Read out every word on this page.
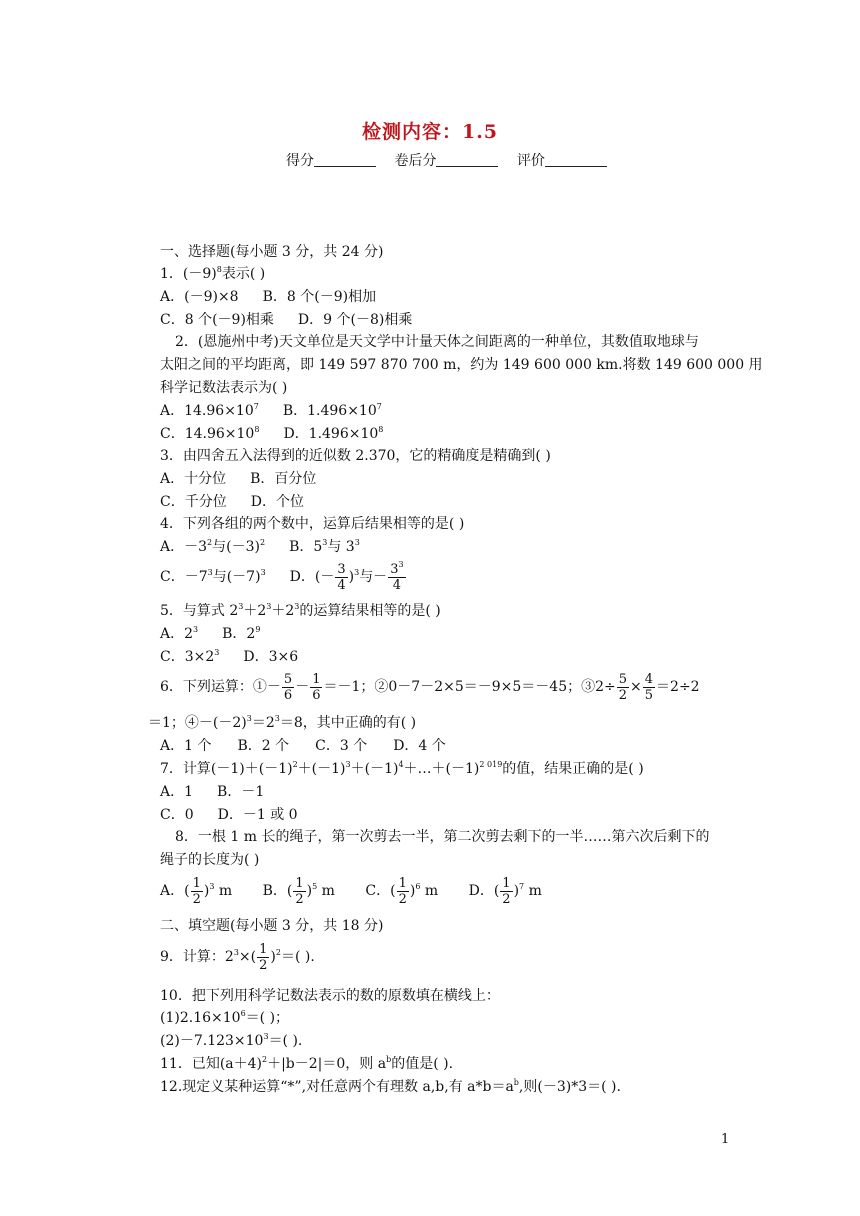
检测内容：1.5
得分	卷后分	评价
一、选择题(每小题 3 分，共 24 分)
1．$(-9)^8$表示( )
A．(－9)×8 B．8 个(－9)相加
C．8 个(－9)相乘 D．9 个(－8)相乘
2．(恩施州中考)天文单位是天文学中计量天体之间距离的一种单位，其数值取地球与
太阳之间的平均距离，即 149 597 870 700 m，约为 149 600 000 km.将数 149 600 000 用
科学记数法表示为( )
A．$14.96\times 10^7$ B．$1.496\times 10^7$
C．$14.96\times 10^8$ D．$1.496\times 10^8$
3．由四舍五入法得到的近似数 2.370，它的精确度是精确到( )
A．十分位 B．百分位
C．千分位 D．个位
4．下列各组的两个数中，运算后结果相等的是( )
A．$-3^2$与$(-3)^2$ B．$5^3$与 $3^3$
C．$-7^3$与$(-7)^3$ D．(－ $\frac{3}{4} )^3$与－ $\frac{3^3}{4}$
5．与算式 $2^3+2^3+2^3$的运算结果相等的是( )
A．$2^3$ B．$2^9$
C．$3\times 2^3$ D．3×6
6．下列运算：①－ $\frac{5}{6} - \frac{1}{6} =-1$；②0－7－2×5＝－9×5＝－45；③2÷ $\frac{5}{2} \times \frac{4}{5} =2\div 2$
＝1；$④-(-2)^3=2^3=8$，其中正确的有( )
A．1 个 B．2 个 C．3 个 D．4 个
7．计算$(-1)+(-1)^2+(-1)^3+(-1)^4+\dots+(-1)^{2 019}$的值，结果正确的是( )
A．1 B．－1
C．0 D．－1 或 0
8．一根 1 m 长的绳子，第一次剪去一半，第二次剪去剩下的一半……第六次后剩下的
绳子的长度为( )
A．( $\frac{1}{2} )^3$ m B．( $\frac{1}{2} )^5$ m C．( $\frac{1}{2} )^6$ m D．( $\frac{1}{2} )^7$ m
二、填空题(每小题 3 分，共 18 分)
9．计算：$2^3\times( \frac{1}{2} )^2=$( ).
10．把下列用科学记数法表示的数的原数填在横线上：
$(1)2.16\times 10^6=$( )；
$(2)-7.123\times 10^3=$( ).
11．已知$(a+4)^2+|b-2|=0$，则 $a^b$的值是( ).
12.现定义某种运算“*”,对任意两个有理数 a,b,有 $a*b=a^b$,则(－3)*3＝( ).
1
